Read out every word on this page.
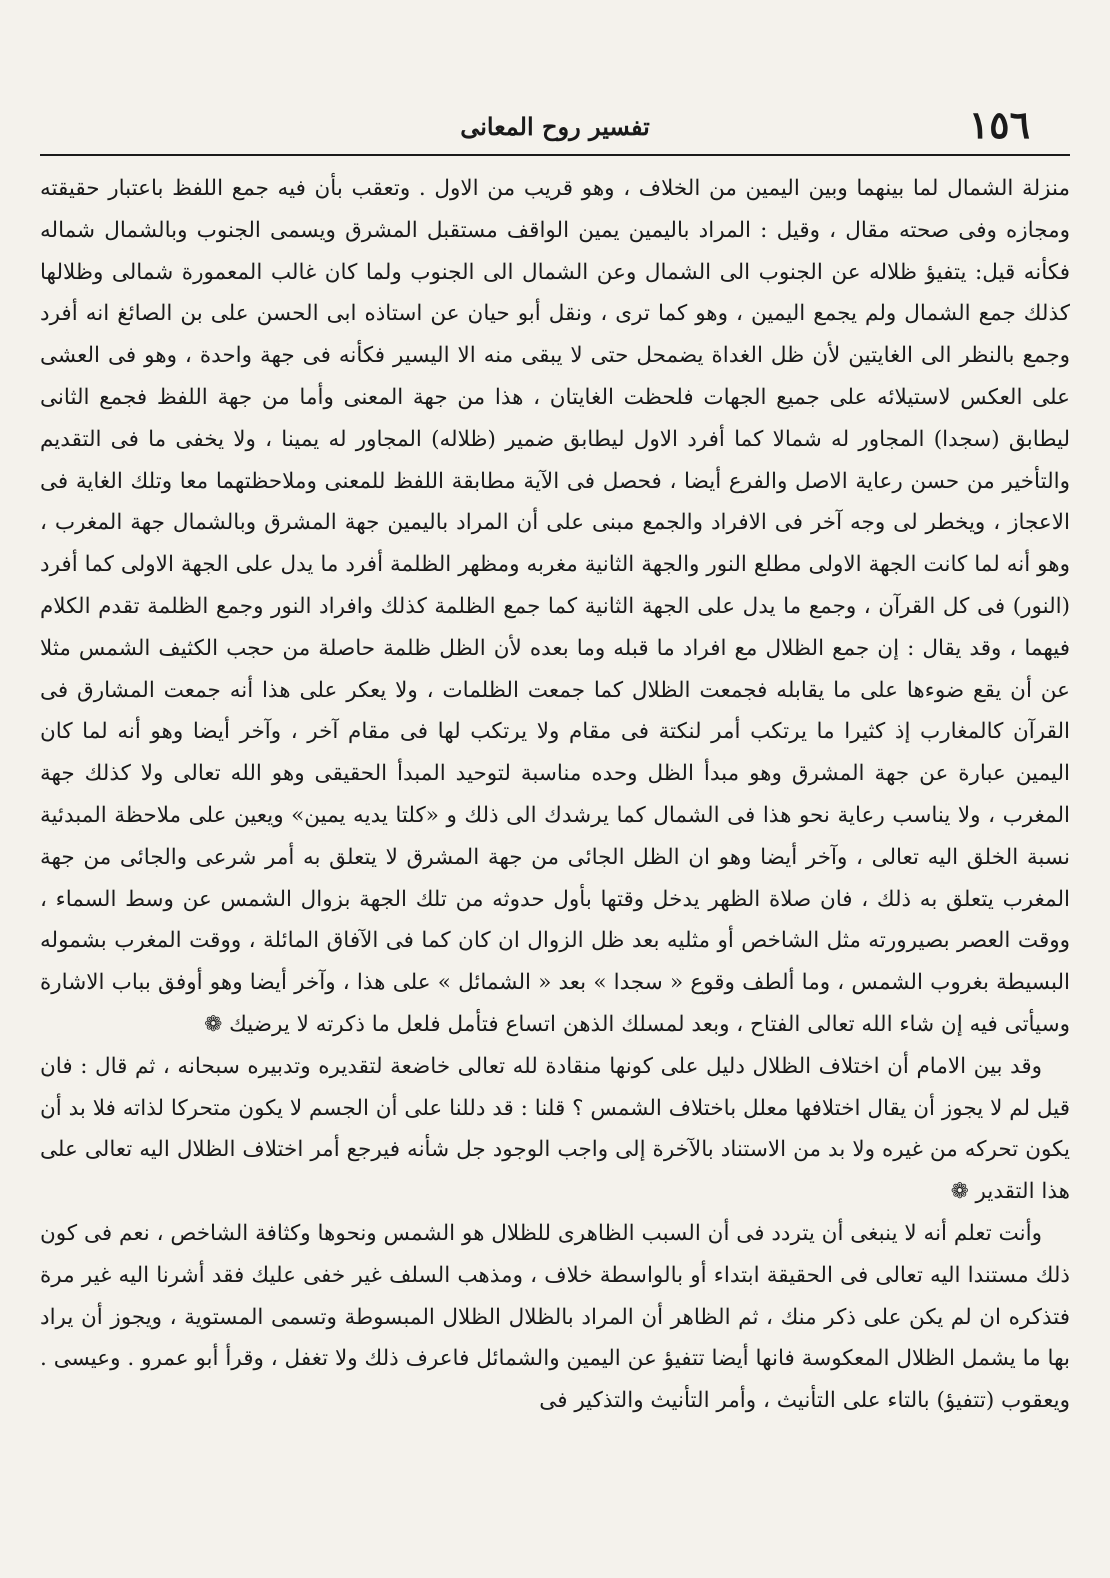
١٥٦
تفسير روح المعانى

منزلة الشمال لما بينهما وبين اليمين من الخلاف ، وهو قريب من الاول . وتعقب بأن فيه جمع اللفظ باعتبار حقيقته ومجازه وفى صحته مقال ، وقيل : المراد باليمين يمين الواقف مستقبل المشرق ويسمى الجنوب وبالشمال شماله فكأنه قيل: يتفيؤ ظلاله عن الجنوب الى الشمال وعن الشمال الى الجنوب ولما كان غالب المعمورة شمالى وظلالها كذلك جمع الشمال ولم يجمع اليمين ، وهو كما ترى ، ونقل أبو حيان عن استاذه ابى الحسن على بن الصائغ انه أفرد وجمع بالنظر الى الغايتين لأن ظل الغداة يضمحل حتى لا يبقى منه الا اليسير فكأنه فى جهة واحدة ، وهو فى العشى على العكس لاستيلائه على جميع الجهات فلحظت الغايتان ، هذا من جهة المعنى وأما من جهة اللفظ فجمع الثانى ليطابق (سجدا) المجاور له شمالا كما أفرد الاول ليطابق ضمير (ظلاله) المجاور له يمينا ، ولا يخفى ما فى التقديم والتأخير من حسن رعاية الاصل والفرع أيضا ، فحصل فى الآية مطابقة اللفظ للمعنى وملاحظتهما معا وتلك الغاية فى الاعجاز ، ويخطر لى وجه آخر فى الافراد والجمع مبنى على أن المراد باليمين جهة المشرق وبالشمال جهة المغرب ، وهو أنه لما كانت الجهة الاولى مطلع النور والجهة الثانية مغربه ومظهر الظلمة أفرد ما يدل على الجهة الاولى كما أفرد (النور) فى كل القرآن ، وجمع ما يدل على الجهة الثانية كما جمع الظلمة كذلك وافراد النور وجمع الظلمة تقدم الكلام فيهما ، وقد يقال : إن جمع الظلال مع افراد ما قبله وما بعده لأن الظل ظلمة حاصلة من حجب الكثيف الشمس مثلا عن أن يقع ضوءها على ما يقابله فجمعت الظلال كما جمعت الظلمات ، ولا يعكر على هذا أنه جمعت المشارق فى القرآن كالمغارب إذ كثيرا ما يرتكب أمر لنكتة فى مقام ولا يرتكب لها فى مقام آخر ، وآخر أيضا وهو أنه لما كان اليمين عبارة عن جهة المشرق وهو مبدأ الظل وحده مناسبة لتوحيد المبدأ الحقيقى وهو الله تعالى ولا كذلك جهة المغرب ، ولا يناسب رعاية نحو هذا فى الشمال كما يرشدك الى ذلك و «كلتا يديه يمين» ويعين على ملاحظة المبدئية نسبة الخلق اليه تعالى ، وآخر أيضا وهو ان الظل الجائى من جهة المشرق لا يتعلق به أمر شرعى والجائى من جهة المغرب يتعلق به ذلك ، فان صلاة الظهر يدخل وقتها بأول حدوثه من تلك الجهة بزوال الشمس عن وسط السماء ، ووقت العصر بصيرورته مثل الشاخص أو مثليه بعد ظل الزوال ان كان كما فى الآفاق المائلة ، ووقت المغرب بشموله البسيطة بغروب الشمس ، وما ألطف وقوع « سجدا » بعد « الشمائل » على هذا ، وآخر أيضا وهو أوفق بباب الاشارة وسيأتى فيه إن شاء الله تعالى الفتاح ، وبعد لمسلك الذهن اتساع فتأمل فلعل ما ذكرته لا يرضيك ❁

وقد بين الامام أن اختلاف الظلال دليل على كونها منقادة لله تعالى خاضعة لتقديره وتدبيره سبحانه ، ثم قال : فان قيل لم لا يجوز أن يقال اختلافها معلل باختلاف الشمس ؟ قلنا : قد دللنا على أن الجسم لا يكون متحركا لذاته فلا بد أن يكون تحركه من غيره ولا بد من الاستناد بالآخرة إلى واجب الوجود جل شأنه فيرجع أمر اختلاف الظلال اليه تعالى على هذا التقدير ❁

وأنت تعلم أنه لا ينبغى أن يتردد فى أن السبب الظاهرى للظلال هو الشمس ونحوها وكثافة الشاخص ، نعم فى كون ذلك مستندا اليه تعالى فى الحقيقة ابتداء أو بالواسطة خلاف ، ومذهب السلف غير خفى عليك فقد أشرنا اليه غير مرة فتذكره ان لم يكن على ذكر منك ، ثم الظاهر أن المراد بالظلال الظلال المبسوطة وتسمى المستوية ، ويجوز أن يراد بها ما يشمل الظلال المعكوسة فانها أيضا تتفيؤ عن اليمين والشمائل فاعرف ذلك ولا تغفل ، وقرأ أبو عمرو . وعيسى . ويعقوب (تتفيؤ) بالتاء على التأنيث ، وأمر التأنيث والتذكير فى
